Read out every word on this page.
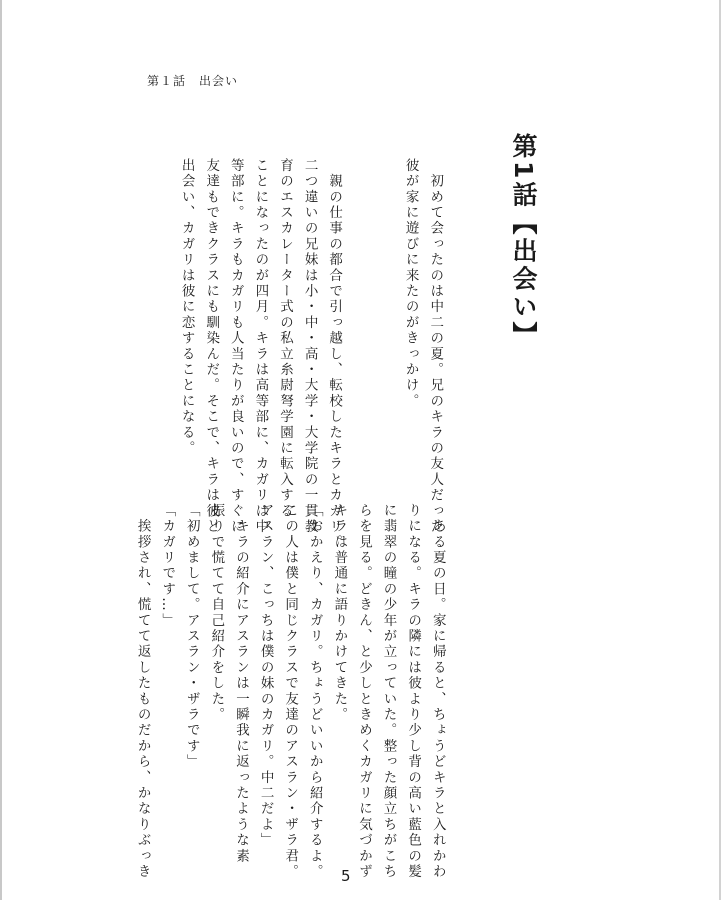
第１話　出会い
第1話【出会い】

　初めて会ったのは中二の夏。兄のキラの友人だった

彼が家に遊びに来たのがきっかけ。

　親の仕事の都合で引っ越し、転校したキラとカガリ。

二つ違いの兄妹は小・中・高・大学・大学院の一貫教

育のエスカレーター式の私立糸尉弩学園に転入する

ことになったのが四月。キラは高等部に、カガリは中

等部に。キラもカガリも人当たりが良いので、すぐに

友達もできクラスにも馴染んだ。そこで、キラは彼と

出会い、カガリは彼に恋することになる。

　ある夏の日。家に帰ると、ちょうどキラと入れかわ

りになる。キラの隣には彼より少し背の高い藍色の髪

に翡翠の瞳の少年が立っていた。整った顔立ちがこち

らを見る。どきん、と少しときめくカガリに気づかず

キラは普通に語りかけてきた。

「おかえり、カガリ。ちょうどいいから紹介するよ。

この人は僕と同じクラスで友達のアスラン・ザラ君。

アスラン、こっちは僕の妹のカガリ。中二だよ」

　キラの紹介にアスランは一瞬我に返ったような素

振りで慌てて自己紹介をした。

「初めまして。アスラン・ザラです」

「カガリです…」

　挨拶され、慌てて返したものだから、かなりぶっき	5
